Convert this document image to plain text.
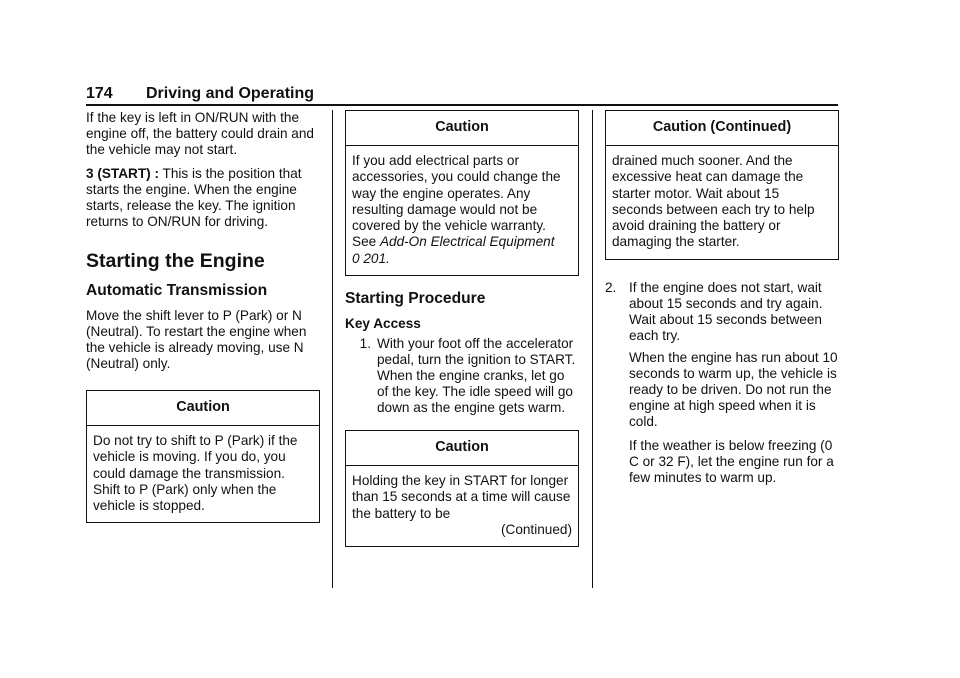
174 Driving and Operating

If the key is left in ON/RUN with the engine off, the battery could drain and the vehicle may not start.

3 (START) : This is the position that starts the engine. When the engine starts, release the key. The ignition returns to ON/RUN for driving.

Starting the Engine
Automatic Transmission

Move the shift lever to P (Park) or N (Neutral). To restart the engine when the vehicle is already moving, use N (Neutral) only.

Caution
Do not try to shift to P (Park) if the vehicle is moving. If you do, you could damage the transmission. Shift to P (Park) only when the vehicle is stopped.
Caution
If you add electrical parts or accessories, you could change the way the engine operates. Any resulting damage would not be covered by the vehicle warranty. See Add-On Electrical Equipment
0 201.
Starting Procedure
Key Access
1. With your foot off the accelerator pedal, turn the ignition to START. When the engine cranks, let go of the key. The idle speed will go down as the engine gets warm.
Caution
Holding the key in START for longer than 15 seconds at a time will cause the battery to be
(Continued)
Caution (Continued)
drained much sooner. And the excessive heat can damage the starter motor. Wait about 15 seconds between each try to help avoid draining the battery or damaging the starter.
2. If the engine does not start, wait about 15 seconds and try again. Wait about 15 seconds between each try.

When the engine has run about 10 seconds to warm up, the vehicle is ready to be driven. Do not run the engine at high speed when it is cold.

If the weather is below freezing (0 C or 32 F), let the engine run for a few minutes to warm up.
